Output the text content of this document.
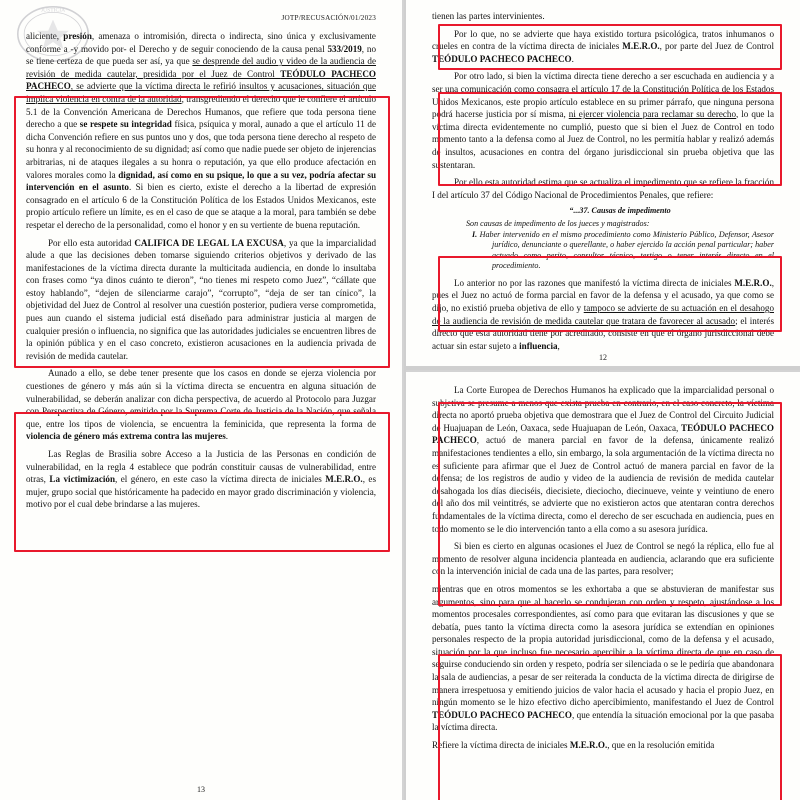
JUSTICIA
JOTP/RECUSACIÓN/01/2023

aliciente, presión, amenaza o intromisión, directa o indirecta, sino única y exclusivamente conforme a -y movido por- el Derecho y de seguir conociendo de la causa penal 533/2019, no se tiene certeza de que pueda ser así, ya que se desprende del audio y video de la audiencia de revisión de medida cautelar, presidida por el Juez de Control TEÓDULO PACHECO PACHECO, se advierte que la víctima directa le refirió insultos y acusaciones, situación que implica violencia en contra de la autoridad, transgrediendo el derecho que le confiere el artículo 5.1 de la Convención Americana de Derechos Humanos, que refiere que toda persona tiene derecho a que se respete su integridad física, psíquica y moral, aunado a que el artículo 11 de dicha Convención refiere en sus puntos uno y dos, que toda persona tiene derecho al respeto de su honra y al reconocimiento de su dignidad; así como que nadie puede ser objeto de injerencias arbitrarias, ni de ataques ilegales a su honra o reputación, ya que ello produce afectación en valores morales como la dignidad, así como en su psique, lo que a su vez, podría afectar su intervención en el asunto. Si bien es cierto, existe el derecho a la libertad de expresión consagrado en el artículo 6 de la Constitución Política de los Estados Unidos Mexicanos, este propio artículo refiere un límite, es en el caso de que se ataque a la moral, para también se debe respetar el derecho de la personalidad, como el honor y en su vertiente de buena reputación.

Por ello esta autoridad CALIFICA DE LEGAL LA EXCUSA, ya que la imparcialidad alude a que las decisiones deben tomarse siguiendo criterios objetivos y derivado de las manifestaciones de la víctima directa durante la multicitada audiencia, en donde lo insultaba con frases como “ya dinos cuánto te dieron”, “no tienes mi respeto como Juez”, “cállate que estoy hablando”, “dejen de silenciarme carajo”, “corrupto”, “deja de ser tan cínico”, la objetividad del Juez de Control al resolver una cuestión posterior, pudiera verse comprometida, pues aun cuando el sistema judicial está diseñado para administrar justicia al margen de cualquier presión o influencia, no significa que las autoridades judiciales se encuentren libres de la opinión pública y en el caso concreto, existieron acusaciones en la audiencia privada de revisión de medida cautelar.

Aunado a ello, se debe tener presente que los casos en donde se ejerza violencia por cuestiones de género y más aún si la víctima directa se encuentra en alguna situación de vulnerabilidad, se deberán analizar con dicha perspectiva, de acuerdo al Protocolo para Juzgar con Perspectiva de Género, emitido por la Suprema Corte de Justicia de la Nación, que señala que, entre los tipos de violencia, se encuentra la feminicida, que representa la forma de violencia de género más extrema contra las mujeres.

Las Reglas de Brasilia sobre Acceso a la Justicia de las Personas en condición de vulnerabilidad, en la regla 4 establece que podrán constituir causas de vulnerabilidad, entre otras, La victimización, el género, en este caso la víctima directa de iniciales M.E.R.O., es mujer, grupo social que históricamente ha padecido en mayor grado discriminación y violencia, motivo por el cual debe brindarse a las mujeres.

13

tienen las partes intervinientes.

Por lo que, no se advierte que haya existido tortura psicológica, tratos inhumanos o crueles en contra de la víctima directa de iniciales M.E.R.O., por parte del Juez de Control TEÓDULO PACHECO PACHECO.

Por otro lado, si bien la víctima directa tiene derecho a ser escuchada en audiencia y a ser una comunicación como consagra el artículo 17 de la Constitución Política de los Estados Unidos Mexicanos, este propio artículo establece en su primer párrafo, que ninguna persona podrá hacerse justicia por sí misma, ni ejercer violencia para reclamar su derecho, lo que la víctima directa evidentemente no cumplió, puesto que si bien el Juez de Control en todo momento tanto a la defensa como al Juez de Control, no les permitía hablar y realizó además de insultos, acusaciones en contra del órgano jurisdiccional sin prueba objetiva que las sustentaran.

Por ello esta autoridad estima que se actualiza el impedimento que se refiere la fracción I del artículo 37 del Código Nacional de Procedimientos Penales, que refiere:

“...37. Causas de impedimento
Son causas de impedimento de los jueces y magistrados:
I. Haber intervenido en el mismo procedimiento como Ministerio Público, Defensor, Asesor jurídico, denunciante o querellante, o haber ejercido la acción penal particular; haber actuado como perito, consultor técnico, testigo o tener interés directo en el procedimiento.

Lo anterior no por las razones que manifestó la víctima directa de iniciales M.E.R.O., pues el Juez no actuó de forma parcial en favor de la defensa y el acusado, ya que como se dijo, no existió prueba objetiva de ello y tampoco se advierte de su actuación en el desahogo de la audiencia de revisión de medida cautelar que tratara de favorecer al acusado; el interés directo que esta autoridad tiene por acreditado, consiste en que el órgano jurisdiccional debe actuar sin estar sujeto a influencia,

12

La Corte Europea de Derechos Humanos ha explicado que la imparcialidad personal o subjetiva se presume a menos que exista prueba en contrario, en el caso concreto, la víctima directa no aportó prueba objetiva que demostrara que el Juez de Control del Circuito Judicial de Huajuapan de León, Oaxaca, sede Huajuapan de León, Oaxaca, TEÓDULO PACHECO PACHECO, actuó de manera parcial en favor de la defensa, únicamente realizó manifestaciones tendientes a ello, sin embargo, la sola argumentación de la víctima directa no es suficiente para afirmar que el Juez de Control actuó de manera parcial en favor de la defensa; de los registros de audio y video de la audiencia de revisión de medida cautelar desahogada los días dieciséis, diecisiete, dieciocho, diecinueve, veinte y veintiuno de enero del año dos mil veintitrés, se advierte que no existieron actos que atentaran contra derechos fundamentales de la víctima directa, como el derecho de ser escuchada en audiencia, pues en todo momento se le dio intervención tanto a ella como a su asesora jurídica.

Si bien es cierto en algunas ocasiones el Juez de Control se negó la réplica, ello fue al momento de resolver alguna incidencia planteada en audiencia, aclarando que era suficiente con la intervención inicial de cada una de las partes, para resolver;

mientras que en otros momentos se les exhortaba a que se abstuvieran de manifestar sus argumentos, sino para que al hacerlo se condujeran con orden y respeto, ajustándose a los momentos procesales correspondientes, así como para que evitaran las discusiones y que se debatía, pues tanto la víctima directa como la asesora jurídica se extendían en opiniones personales respecto de la propia autoridad jurisdiccional, como de la defensa y el acusado, situación por la que incluso fue necesario apercibir a la víctima directa de que en caso de seguirse conduciendo sin orden y respeto, podría ser silenciada o se le pediría que abandonara la sala de audiencias, a pesar de ser reiterada la conducta de la víctima directa de dirigirse de manera irrespetuosa y emitiendo juicios de valor hacia el acusado y hacia el propio Juez, en ningún momento se le hizo efectivo dicho apercibimiento, manifestando el Juez de Control TEÓDULO PACHECO PACHECO, que entendía la situación emocional por la que pasaba la víctima directa.

Refiere la víctima directa de iniciales M.E.R.O., que en la resolución emitida
